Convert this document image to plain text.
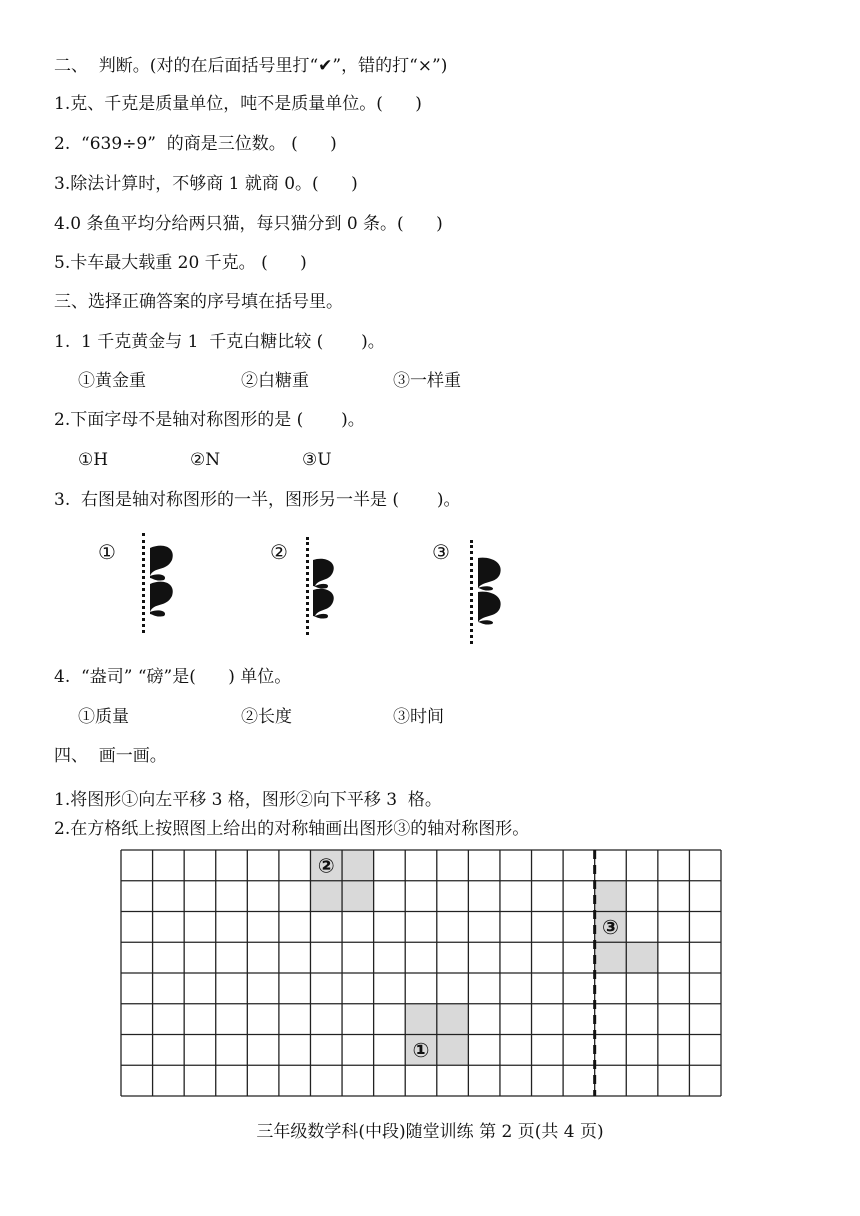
二、  判断。(对的在后面括号里打“✔”，错的打“×”)
1.克、千克是质量单位，吨不是质量单位。(      )
2.  “639÷9”  的商是三位数。 (      )
3.除法计算时，不够商 1 就商 0。(      )
4.0 条鱼平均分给两只猫，每只猫分到 0 条。(      )
5.卡车最大载重 20 千克。 (      )
三、选择正确答案的序号填在括号里。
1.  1 千克黄金与 1  千克白糖比较 (       )。
①黄金重	②白糖重	③一样重
2.下面字母不是轴对称图形的是 (       )。
①H	②N	③U
3.  右图是轴对称图形的一半，图形另一半是 (       )。
①	②	③
4.  “盎司” “磅”是(      ) 单位。
①质量	②长度	③时间
四、  画一画。
1.将图形①向左平移 3 格，图形②向下平移 3  格。
2.在方格纸上按照图上给出的对称轴画出图形③的轴对称图形。
②
③
①
三年级数学科(中段)随堂训练 第 2 页(共 4 页)
